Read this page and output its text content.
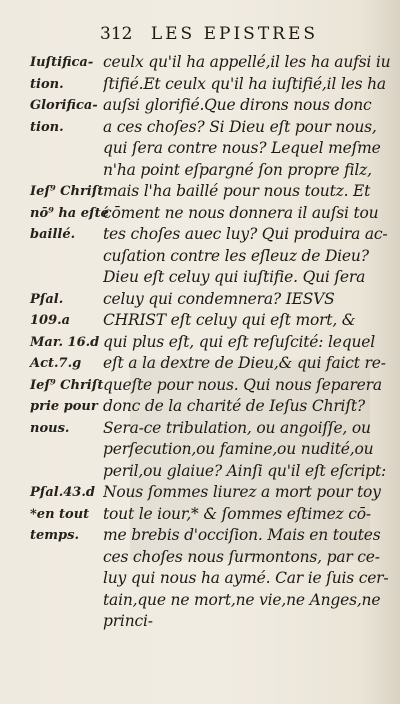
312 LES EPISTRES
ceulx qu'il ha appellé,il les ha aufsi iu
ſtifié.Et ceulx qu'il ha iuſtifié,il les ha
auſsi glorifié.Que dirons nous donc
a ces choſes? Si Dieu eſt pour nous,
qui ſera contre nous? Lequel meſme
n'ha point eſpargné ſon propre filz,
mais l'ha baillé pour nous toutz. Et
cōment ne nous donnera il auſsi tou
tes choſes auec luy? Qui produira ac-
cuſation contre les eſleuz de Dieu?
Dieu eſt celuy qui iuſtifie. Qui ſera
celuy qui condemnera? IESVS
CHRIST eſt celuy qui eſt mort, &
qui plus eſt, qui eſt reſuſcité: lequel
eſt a la dextre de Dieu,& qui faict re-
queſte pour nous. Qui nous ſeparera
donc de la charité de Ieſus Chriſt?
Sera-ce tribulation, ou angoiſſe, ou
perſecution,ou famine,ou nudité,ou
peril,ou glaiue? Ainſi qu'il eſt eſcript:
Nous ſommes liurez a mort pour toy
tout le iour,* & ſommes eſtimez cō-
me brebis d'occiſion. Mais en toutes
ces choſes nous ſurmontons, par ce-
luy qui nous ha aymé. Car ie ſuis cer-
tain,que ne mort,ne vie,ne Anges,ne
princi-
Iuſtifica-
tion.
Glorifica-
tion.
Ieſ⁹ Chriſt
nō⁹ ha eſté
baillé.
Pſal.
109.a
Mar. 16.d
Act.7.g
Ieſ⁹ Chriſt
prie pour
nous.
Pſal.43.d
*en tout
temps.
